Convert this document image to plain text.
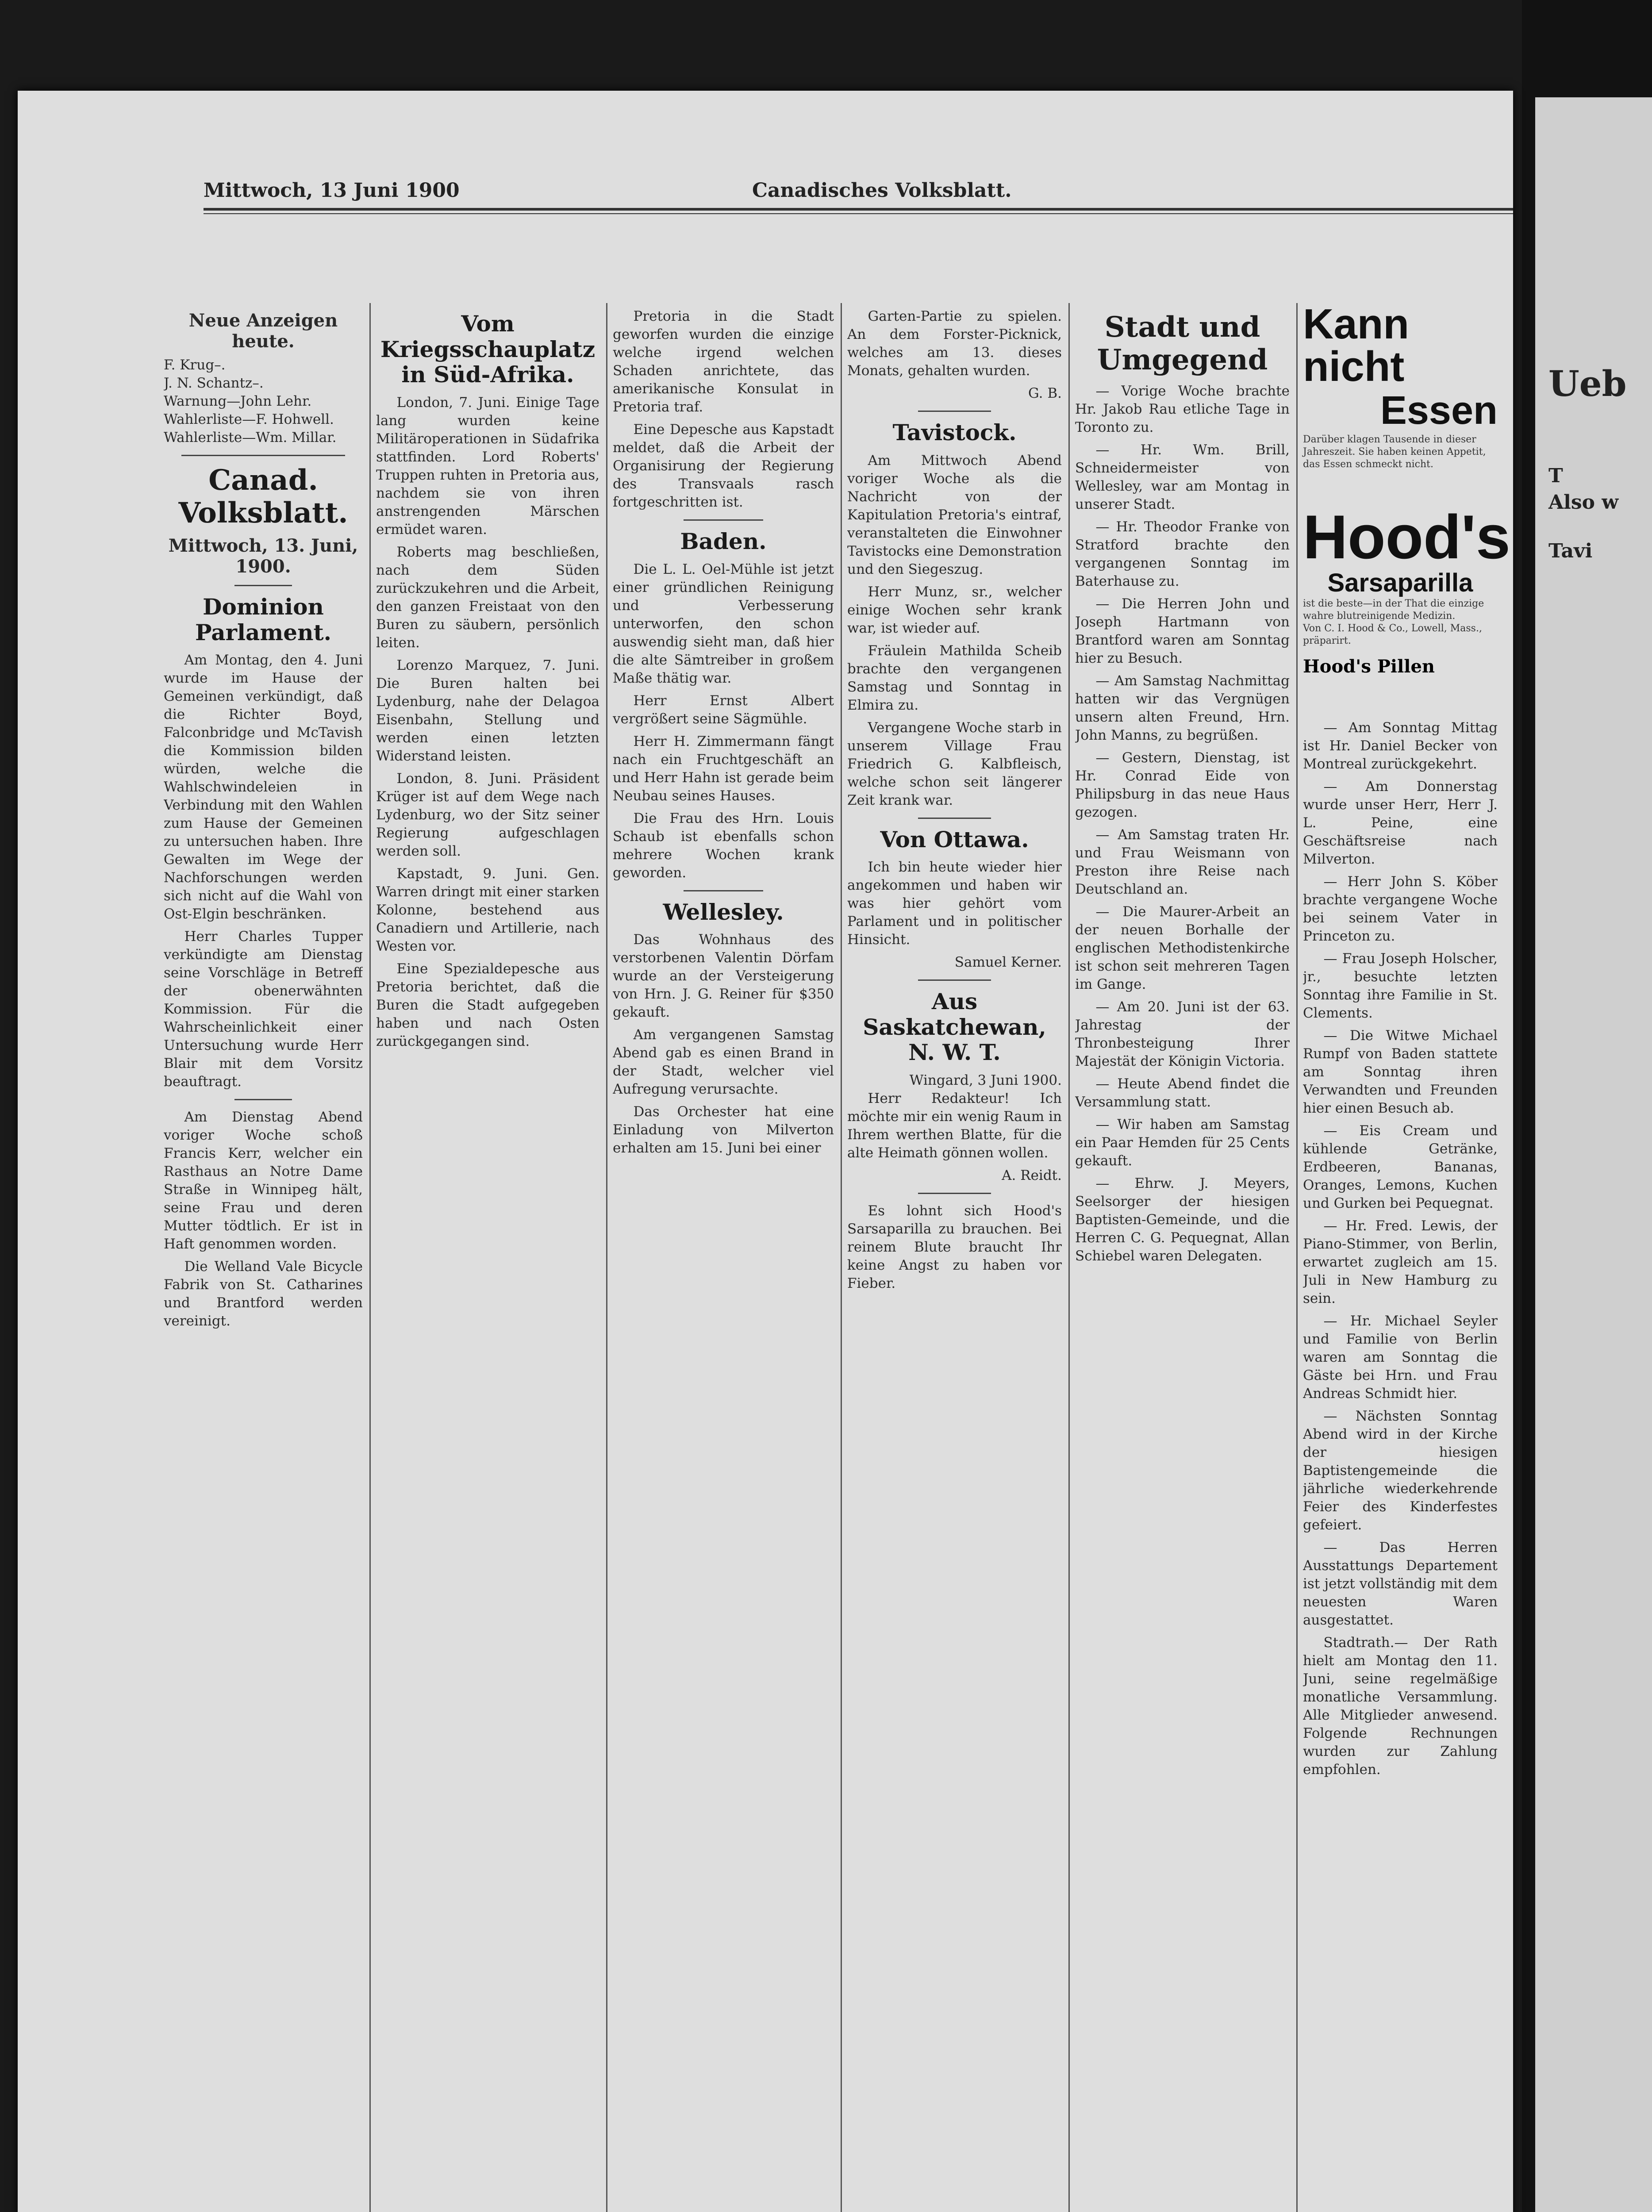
Ueb
T
Also w
Tavi
Mittwoch, 13 Juni 1900	Canadisches Volksblatt.
Neue Anzeigen heute.
F. Krug–.
J. N. Schantz–.
Warnung—John Lehr.
Wahlerliste—F. Hohwell.
Wahlerliste—Wm. Millar.
Canad. Volksblatt.
Mittwoch, 13. Juni, 1900.
Dominion Parlament.

Am Montag, den 4. Juni wurde im Hause der Gemeinen verkündigt, daß die Richter Boyd, Falconbridge und McTavish die Kommission bilden würden, welche die Wahlschwindeleien in Verbindung mit den Wahlen zum Hause der Gemeinen zu untersuchen haben. Ihre Gewalten im Wege der Nachforschungen werden sich nicht auf die Wahl von Ost-Elgin beschränken.

Herr Charles Tupper verkündigte am Dienstag seine Vorschläge in Betreff der obenerwähnten Kommission. Für die Wahrscheinlichkeit einer Untersuchung wurde Herr Blair mit dem Vorsitz beauftragt.

Am Dienstag Abend voriger Woche schoß Francis Kerr, welcher ein Rasthaus an Notre Dame Straße in Winnipeg hält, seine Frau und deren Mutter tödtlich. Er ist in Haft genommen worden.

Die Welland Vale Bicycle Fabrik von St. Catharines und Brantford werden vereinigt.

Vom Kriegsschauplatz in Süd-Afrika.

London, 7. Juni. Einige Tage lang wurden keine Militäroperationen in Südafrika stattfinden. Lord Roberts' Truppen ruhten in Pretoria aus, nachdem sie von ihren anstrengenden Märschen ermüdet waren.

Roberts mag beschließen, nach dem Süden zurückzukehren und die Arbeit, den ganzen Freistaat von den Buren zu säubern, persönlich leiten.

Lorenzo Marquez, 7. Juni. Die Buren halten bei Lydenburg, nahe der Delagoa Eisenbahn, Stellung und werden einen letzten Widerstand leisten.

London, 8. Juni. Präsident Krüger ist auf dem Wege nach Lydenburg, wo der Sitz seiner Regierung aufgeschlagen werden soll.

Kapstadt, 9. Juni. Gen. Warren dringt mit einer starken Kolonne, bestehend aus Canadiern und Artillerie, nach Westen vor.

Eine Spezialdepesche aus Pretoria berichtet, daß die Buren die Stadt aufgegeben haben und nach Osten zurückgegangen sind.

Pretoria in die Stadt geworfen wurden die einzige welche irgend welchen Schaden anrichtete, das amerikanische Konsulat in Pretoria traf.

Eine Depesche aus Kapstadt meldet, daß die Arbeit der Organisirung der Regierung des Transvaals rasch fortgeschritten ist.

Baden.

Die L. L. Oel-Mühle ist jetzt einer gründlichen Reinigung und Verbesserung unterworfen, den schon auswendig sieht man, daß hier die alte Sämtreiber in großem Maße thätig war.

Herr Ernst Albert vergrößert seine Sägmühle.

Herr H. Zimmermann fängt nach ein Fruchtgeschäft an und Herr Hahn ist gerade beim Neubau seines Hauses.

Die Frau des Hrn. Louis Schaub ist ebenfalls schon mehrere Wochen krank geworden.

Wellesley.

Das Wohnhaus des verstorbenen Valentin Dörfam wurde an der Versteigerung von Hrn. J. G. Reiner für $350 gekauft.

Am vergangenen Samstag Abend gab es einen Brand in der Stadt, welcher viel Aufregung verursachte.

Das Orchester hat eine Einladung von Milverton erhalten am 15. Juni bei einer

Garten-Partie zu spielen. An dem Forster-Picknick, welches am 13. dieses Monats, gehalten wurden.

G. B.
Tavistock.

Am Mittwoch Abend voriger Woche als die Nachricht von der Kapitulation Pretoria's eintraf, veranstalteten die Einwohner Tavistocks eine Demonstration und den Siegeszug.

Herr Munz, sr., welcher einige Wochen sehr krank war, ist wieder auf.

Fräulein Mathilda Scheib brachte den vergangenen Samstag und Sonntag in Elmira zu.

Vergangene Woche starb in unserem Village Frau Friedrich G. Kalbfleisch, welche schon seit längerer Zeit krank war.

Von Ottawa.

Ich bin heute wieder hier angekommen und haben wir was hier gehört vom Parlament und in politischer Hinsicht.

Samuel Kerner.
Aus Saskatchewan, N. W. T.
Wingard, 3 Juni 1900.

Herr Redakteur! Ich möchte mir ein wenig Raum in Ihrem werthen Blatte, für die alte Heimath gönnen wollen.

A. Reidt.

Es lohnt sich Hood's Sarsaparilla zu brauchen. Bei reinem Blute braucht Ihr keine Angst zu haben vor Fieber.

Stadt und Umgegend

— Vorige Woche brachte Hr. Jakob Rau etliche Tage in Toronto zu.

— Hr. Wm. Brill, Schneidermeister von Wellesley, war am Montag in unserer Stadt.

— Hr. Theodor Franke von Stratford brachte den vergangenen Sonntag im Baterhause zu.

— Die Herren John und Joseph Hartmann von Brantford waren am Sonntag hier zu Besuch.

— Am Samstag Nachmittag hatten wir das Vergnügen unsern alten Freund, Hrn. John Manns, zu begrüßen.

— Gestern, Dienstag, ist Hr. Conrad Eide von Philipsburg in das neue Haus gezogen.

— Am Samstag traten Hr. und Frau Weismann von Preston ihre Reise nach Deutschland an.

— Die Maurer-Arbeit an der neuen Borhalle der englischen Methodistenkirche ist schon seit mehreren Tagen im Gange.

— Am 20. Juni ist der 63. Jahrestag der Thronbesteigung Ihrer Majestät der Königin Victoria.

— Heute Abend findet die Versammlung statt.

— Wir haben am Samstag ein Paar Hemden für 25 Cents gekauft.

— Ehrw. J. Meyers, Seelsorger der hiesigen Baptisten-Gemeinde, und die Herren C. G. Pequegnat, Allan Schiebel waren Delegaten.

Kann nicht
Essen
Darüber klagen Tausende in dieser Jahreszeit. Sie haben keinen Appetit, das Essen schmeckt nicht.
Hood's
Sarsaparilla
ist die beste—in der That die einzige wahre blutreinigende Medizin.
Von C. I. Hood & Co., Lowell, Mass., präparirt.
Hood's Pillen

— Am Sonntag Mittag ist Hr. Daniel Becker von Montreal zurückgekehrt.

— Am Donnerstag wurde unser Herr, Herr J. L. Peine, eine Geschäftsreise nach Milverton.

— Herr John S. Köber brachte vergangene Woche bei seinem Vater in Princeton zu.

— Frau Joseph Holscher, jr., besuchte letzten Sonntag ihre Familie in St. Clements.

— Die Witwe Michael Rumpf von Baden stattete am Sonntag ihren Verwandten und Freunden hier einen Besuch ab.

— Eis Cream und kühlende Getränke, Erdbeeren, Bananas, Oranges, Lemons, Kuchen und Gurken bei Pequegnat.

— Hr. Fred. Lewis, der Piano-Stimmer, von Berlin, erwartet zugleich am 15. Juli in New Hamburg zu sein.

— Hr. Michael Seyler und Familie von Berlin waren am Sonntag die Gäste bei Hrn. und Frau Andreas Schmidt hier.

— Nächsten Sonntag Abend wird in der Kirche der hiesigen Baptistengemeinde die jährliche wiederkehrende Feier des Kinderfestes gefeiert.

— Das Herren Ausstattungs Departement ist jetzt vollständig mit dem neuesten Waren ausgestattet.

Stadtrath.— Der Rath hielt am Montag den 11. Juni, seine regelmäßige monatliche Versammlung. Alle Mitglieder anwesend. Folgende Rechnungen wurden zur Zahlung empfohlen.
